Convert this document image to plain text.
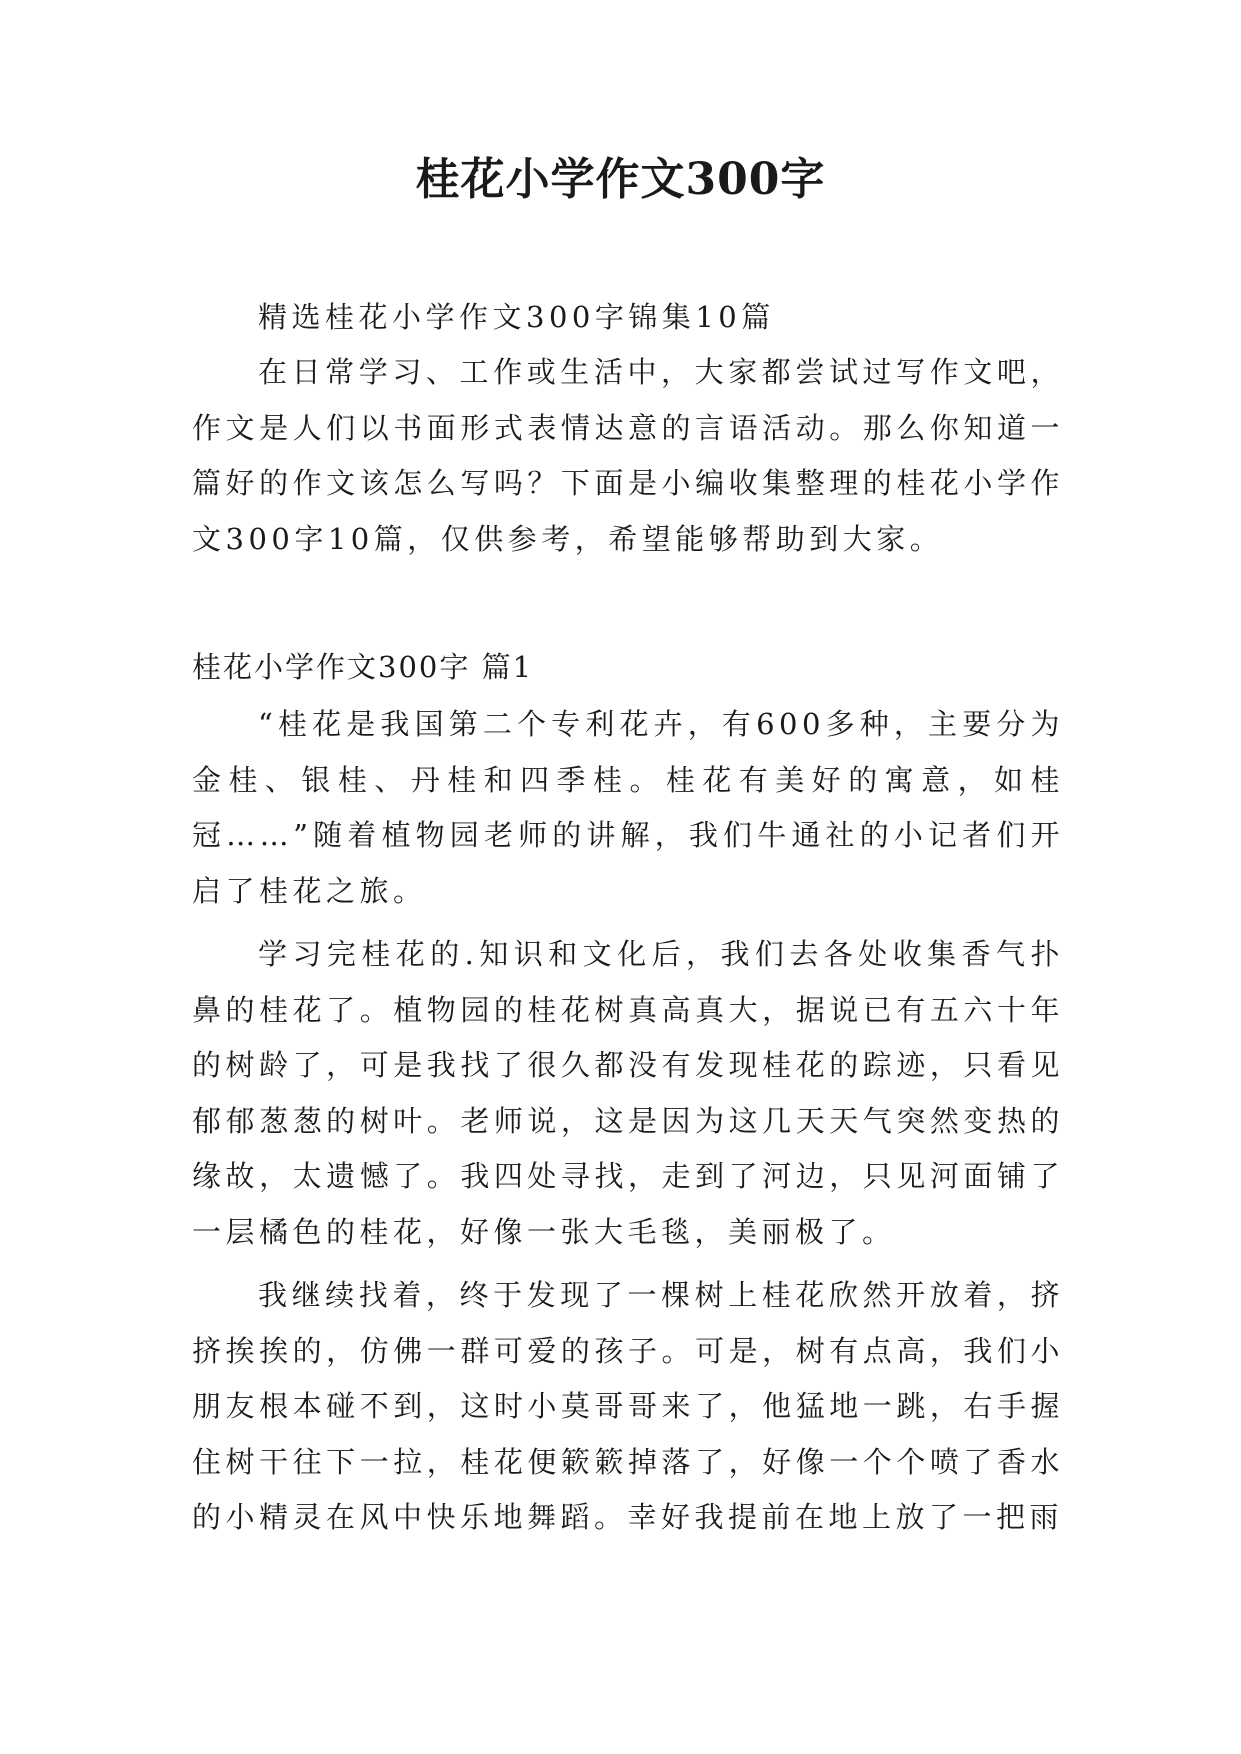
桂花小学作文300字

精选桂花小学作文300字锦集10篇

在日常学习、工作或生活中，大家都尝试过写作文吧，作文是人们以书面形式表情达意的言语活动。那么你知道一篇好的作文该怎么写吗？下面是小编收集整理的桂花小学作文300字10篇，仅供参考，希望能够帮助到大家。

桂花小学作文300字 篇1

“桂花是我国第二个专利花卉，有600多种，主要分为金桂、银桂、丹桂和四季桂。桂花有美好的寓意，如桂冠……”随着植物园老师的讲解，我们牛通社的小记者们开启了桂花之旅。

学习完桂花的.知识和文化后，我们去各处收集香气扑鼻的桂花了。植物园的桂花树真高真大，据说已有五六十年的树龄了，可是我找了很久都没有发现桂花的踪迹，只看见郁郁葱葱的树叶。老师说，这是因为这几天天气突然变热的缘故，太遗憾了。我四处寻找，走到了河边，只见河面铺了一层橘色的桂花，好像一张大毛毯，美丽极了。

我继续找着，终于发现了一棵树上桂花欣然开放着，挤挤挨挨的，仿佛一群可爱的孩子。可是，树有点高，我们小朋友根本碰不到，这时小莫哥哥来了，他猛地一跳，右手握住树干往下一拉，桂花便簌簌掉落了，好像一个个喷了香水的小精灵在风中快乐地舞蹈。幸好我提前在地上放了一把雨
